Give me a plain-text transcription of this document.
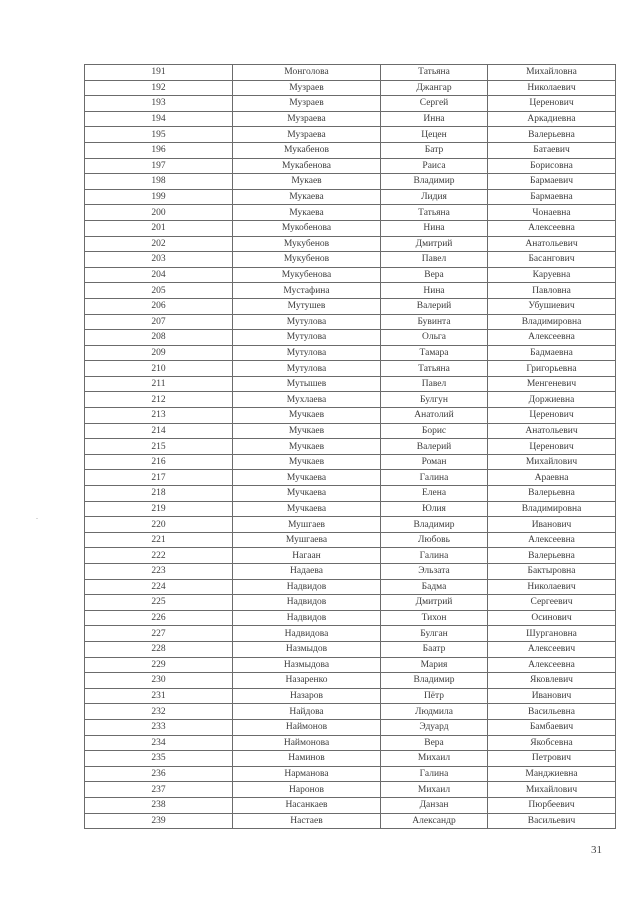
191	Монголова	Татьяна	Михайловна
192	Музраев	Джангар	Николаевич
193	Музраев	Сергей	Церенович
194	Музраева	Инна	Аркадиевна
195	Музраева	Цецен	Валерьевна
196	Мукабенов	Батр	Батаевич
197	Мукабенова	Раиса	Борисовна
198	Мукаев	Владимир	Бармаевич
199	Мукаева	Лидия	Бармаевна
200	Мукаева	Татьяна	Чонаевна
201	Мукобенова	Нина	Алексеевна
202	Мукубенов	Дмитрий	Анатольевич
203	Мукубенов	Павел	Басангович
204	Мукубенова	Вера	Каруевна
205	Мустафина	Нина	Павловна
206	Мутушев	Валерий	Убушиевич
207	Мутулова	Бувинта	Владимировна
208	Мутулова	Ольга	Алексеевна
209	Мутулова	Тамара	Бадмаевна
210	Мутулова	Татьяна	Григорьевна
211	Мутышев	Павел	Менгеневич
212	Мухлаева	Булгун	Доржиевна
213	Мучкаев	Анатолий	Церенович
214	Мучкаев	Борис	Анатольевич
215	Мучкаев	Валерий	Церенович
216	Мучкаев	Роман	Михайлович
217	Мучкаева	Галина	Араевна
218	Мучкаева	Елена	Валерьевна
219	Мучкаева	Юлия	Владимировна
220	Мушгаев	Владимир	Иванович
221	Мушгаева	Любовь	Алексеевна
222	Нагаан	Галина	Валерьевна
223	Надаева	Эльзата	Бактыровна
224	Надвидов	Бадма	Николаевич
225	Надвидов	Дмитрий	Сергеевич
226	Надвидов	Тихон	Осинович
227	Надвидова	Булган	Шургановна
228	Назмыдов	Баатр	Алексеевич
229	Назмыдова	Мария	Алексеевна
230	Назаренко	Владимир	Яковлевич
231	Назаров	Пётр	Иванович
232	Найдова	Людмила	Васильевна
233	Наймонов	Эдуард	Бамбаевич
234	Наймонова	Вера	Якобсевна
235	Наминов	Михаил	Петрович
236	Нарманова	Галина	Манджиевна
237	Наронов	Михаил	Михайлович
238	Насанкаев	Данзан	Пюрбеевич
239	Настаев	Александр	Васильевич
31
-
